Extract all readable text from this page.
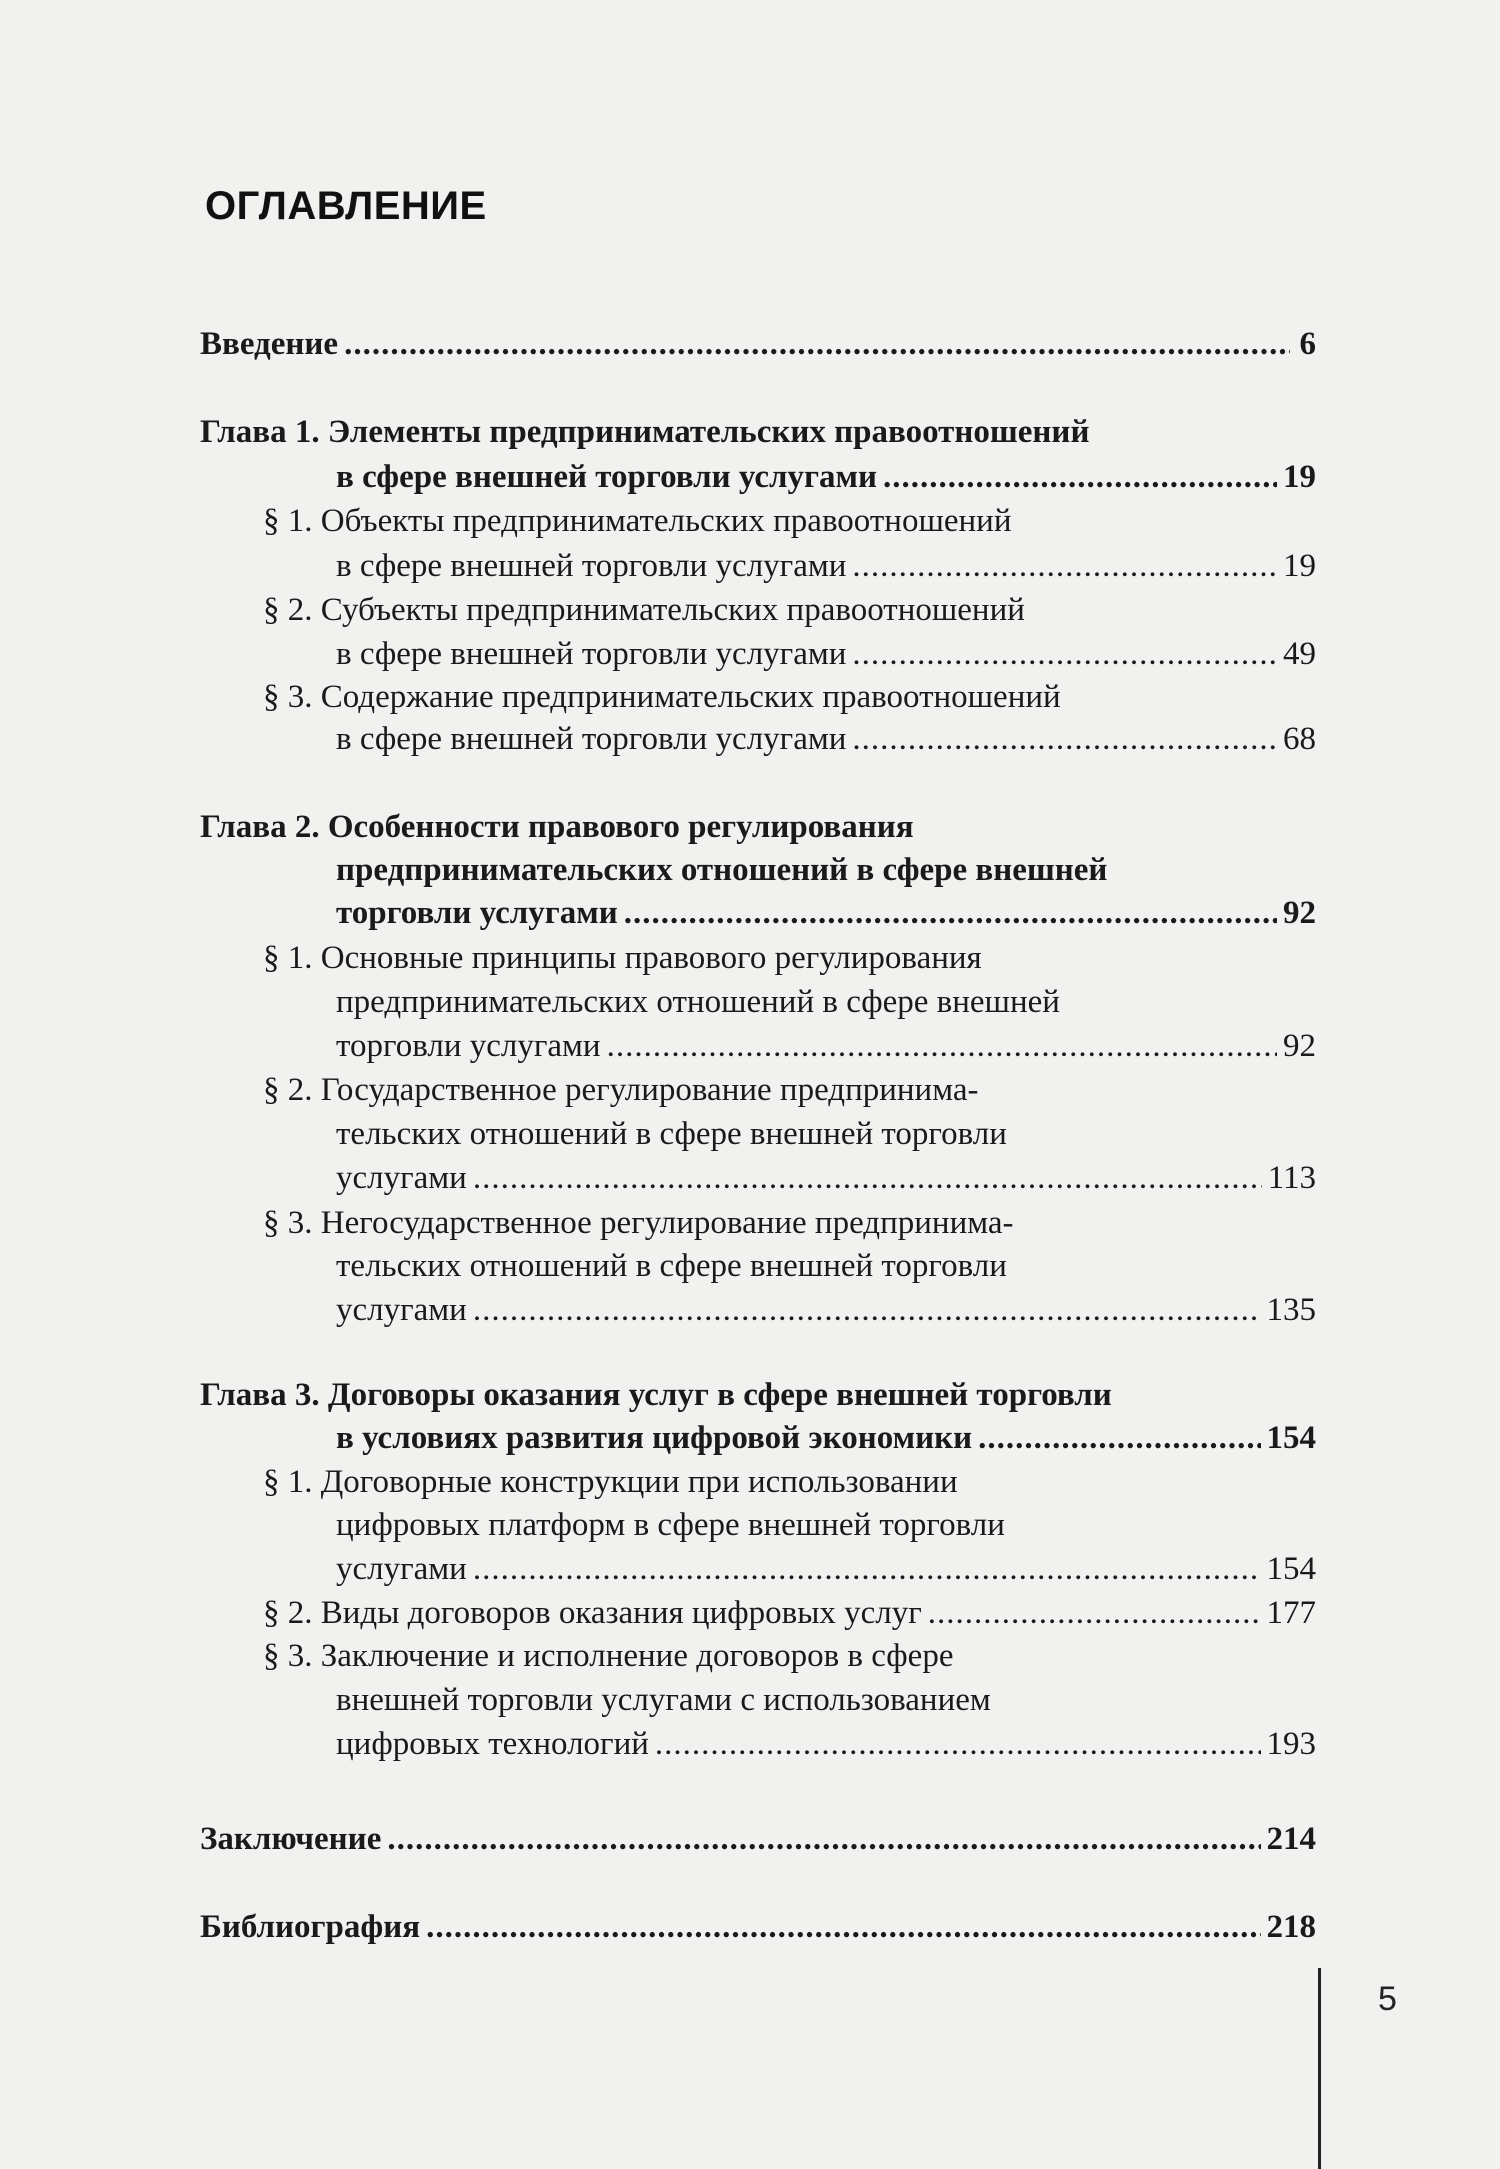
ОГЛАВЛЕНИЕ
Введение .....	6
Глава 1. Элементы предпринимательских правоотношений
в сфере внешней торговли услугами .....	19
§ 1. Объекты предпринимательских правоотношений
в сфере внешней торговли услугами .....	19
§ 2. Субъекты предпринимательских правоотношений
в сфере внешней торговли услугами .....	49
§ 3. Содержание предпринимательских правоотношений
в сфере внешней торговли услугами .....	68
Глава 2. Особенности правового регулирования
предпринимательских отношений в сфере внешней
торговли услугами .....	92
§ 1. Основные принципы правового регулирования
предпринимательских отношений в сфере внешней
торговли услугами .....	92
§ 2. Государственное регулирование предпринима-
тельских отношений в сфере внешней торговли
услугами .....	113
§ 3. Негосударственное регулирование предпринима-
тельских отношений в сфере внешней торговли
услугами .....	135
Глава 3. Договоры оказания услуг в сфере внешней торговли
в условиях развития цифровой экономики .....	154
§ 1. Договорные конструкции при использовании
цифровых платформ в сфере внешней торговли
услугами .....	154
§ 2. Виды договоров оказания цифровых услуг .....	177
§ 3. Заключение и исполнение договоров в сфере
внешней торговли услугами с использованием
цифровых технологий .....	193
Заключение .....	214
Библиография .....	218
5
